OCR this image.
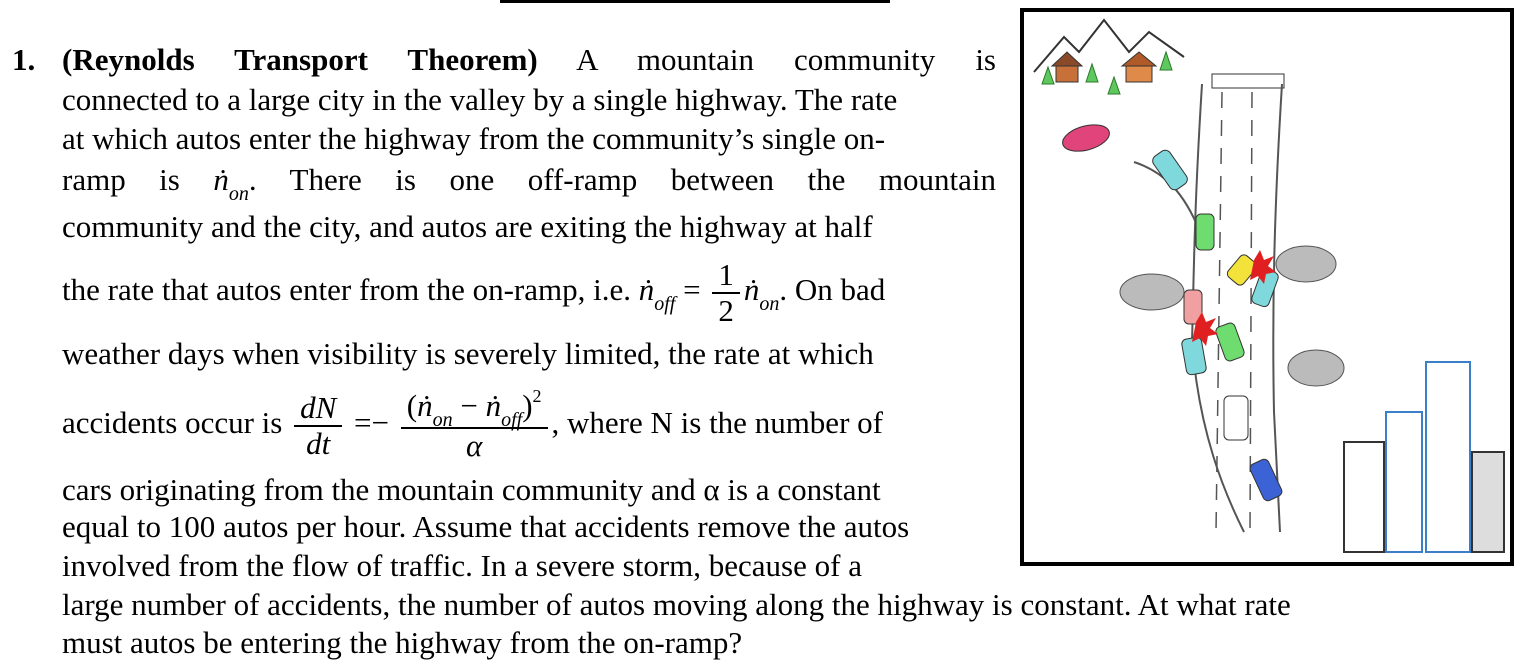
1. (Reynolds Transport Theorem) A mountain community is
connected to a large city in the valley by a single highway. The rate
at which autos enter the highway from the community’s single on-
ramp is ṅ$_{on}$. There is one off-ramp between the mountain
community and the city, and autos are exiting the highway at half
the rate that autos enter from the on-ramp, i.e. ṅ$_{off}$ = $\frac{1}{2}$ ṅ$_{on}$. On bad
weather days when visibility is severely limited, the rate at which
accidents occur is $\frac{dN}{dt} =- \frac{(ṅ_{on} - ṅ_{off})^2}{\alpha}$ , where N is the number of
cars originating from the mountain community and α is a constant
equal to 100 autos per hour. Assume that accidents remove the autos
involved from the flow of traffic. In a severe storm, because of a
large number of accidents, the number of autos moving along the highway is constant. At what rate
must autos be entering the highway from the on-ramp?
